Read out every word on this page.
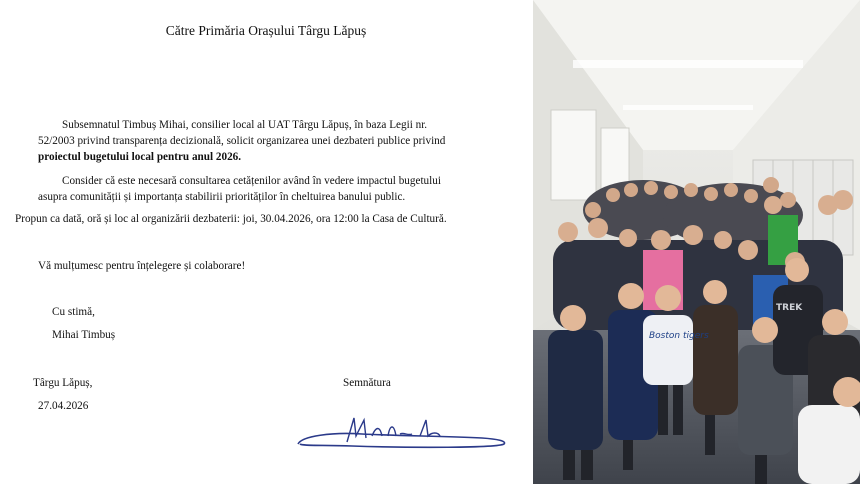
Către Primăria Orașului Târgu Lăpuș
Subsemnatul Timbuș Mihai, consilier local al UAT Târgu Lăpuș, în baza Legii nr.
52/2003 privind transparența decizională, solicit organizarea unei dezbateri publice privind
proiectul bugetului local pentru anul 2026.
Consider că este necesară consultarea cetățenilor având în vedere impactul bugetului
asupra comunității și importanța stabilirii priorităților în cheltuirea banului public.
Propun ca dată, oră și loc al organizării dezbaterii: joi, 30.04.2026, ora 12:00 la Casa de Cultură.
Vă mulțumesc pentru înțelegere și colaborare!
Cu stimă,
Mihai Timbuș
Târgu Lăpuș,
27.04.2026
Semnătura
Boston tigers
TREK
